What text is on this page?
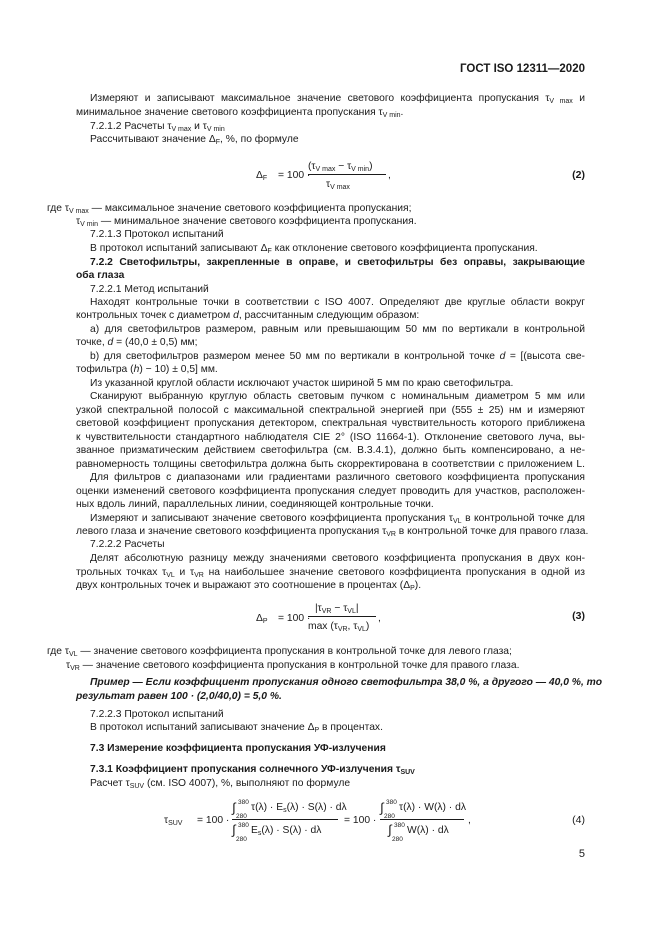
ГОСТ ISO 12311—2020
Измеряют и записывают максимальное значение светового коэффициента пропускания $\tau_{V max}$ и
минимальное значение светового коэффициента пропускания $\tau_{V min}$.
7.2.1.2 Расчеты $\tau_{V max}$ и $\tau_{V min}$
Рассчитывают значение $\Delta_F$, %, по формуле
$\Delta_F = 100$ ·
$(\tau_{V max} - \tau_{V min})$
$\tau_{V max}$
,	(2)
где $\tau_{V max}$ — максимальное значение светового коэффициента пропускания;
$\tau_{V min}$ — минимальное значение светового коэффициента пропускания.
7.2.1.3 Протокол испытаний
В протокол испытаний записывают $\Delta_F$ как отклонение светового коэффициента пропускания.
7.2.2 Светофильтры, закрепленные в оправе, и светофильтры без оправы, закрывающие
оба глаза
7.2.2.1 Метод испытаний
Находят контрольные точки в соответствии с ISO 4007. Определяют две круглые области вокруг
контрольных точек с диаметром d, рассчитанным следующим образом:
a) для светофильтров размером, равным или превышающим 50 мм по вертикали в контрольной
точке, d = (40,0 ± 0,5) мм;
b) для светофильтров размером менее 50 мм по вертикали в контрольной точке d = [(высота све-
тофильтра (h) − 10) ± 0,5] мм.
Из указанной круглой области исключают участок шириной 5 мм по краю светофильтра.
Сканируют выбранную круглую область световым пучком с номинальным диаметром 5 мм или
узкой спектральной полосой с максимальной спектральной энергией при (555 ± 25) нм и измеряют
световой коэффициент пропускания детектором, спектральная чувствительность которого приближена
к чувствительности стандартного наблюдателя CIE 2° (ISO 11664-1). Отклонение светового луча, вы-
званное призматическим действием светофильтра (см. B.3.4.1), должно быть компенсировано, а не-
равномерность толщины светофильтра должна быть скорректирована в соответствии с приложением L.
Для фильтров с диапазонами или градиентами различного светового коэффициента пропускания
оценки изменений светового коэффициента пропускания следует проводить для участков, расположен-
ных вдоль линий, параллельных линии, соединяющей контрольные точки.
Измеряют и записывают значение светового коэффициента пропускания $\tau_{VL}$ в контрольной точке для
левого глаза и значение светового коэффициента пропускания $\tau_{VR}$ в контрольной точке для правого глаза.
7.2.2.2 Расчеты
Делят абсолютную разницу между значениями светового коэффициента пропускания в двух кон-
трольных точках $\tau_{VL}$ и $\tau_{VR}$ на наибольшее значение светового коэффициента пропускания в одной из
двух контрольных точек и выражают это соотношение в процентах $(\Delta_P)$.
$\Delta_P = 100$ ·
$|\tau_{VR} - \tau_{VL}|$
$\max (\tau_{VR}$, $\tau_{VL}$)
,	(3)
где $\tau_{VL}$ — значение светового коэффициента пропускания в контрольной точке для левого глаза;
$\tau_{VR}$ — значение светового коэффициента пропускания в контрольной точке для правого глаза.
Пример — Если коэффициент пропускания одного светофильтра 38,0 %, а другого — 40,0 %, то
результат равен 100 · (2,0/40,0) = 5,0 %.
7.2.2.3 Протокол испытаний
В протокол испытаний записывают значение $\Delta_P$ в процентах.
7.3 Измерение коэффициента пропускания УФ-излучения
7.3.1 Коэффициент пропускания солнечного УФ-излучения $\tau_{SUV}$
Расчет $\tau_{SUV}$ (см. ISO 4007), %, выполняют по формуле
$\tau_{SUV} = 100$ ·
∫ 380
280
$\tau(\lambda) \cdot E_s(\lambda) \cdot S(\lambda) \cdot d\lambda$
∫ 380
280
$E_s(\lambda) \cdot S(\lambda) \cdot d\lambda$
= 100 ·
∫ 380
280
τ(λ) · W(λ) · dλ
∫ 380
280
W(λ) · dλ
,	(4)
5
